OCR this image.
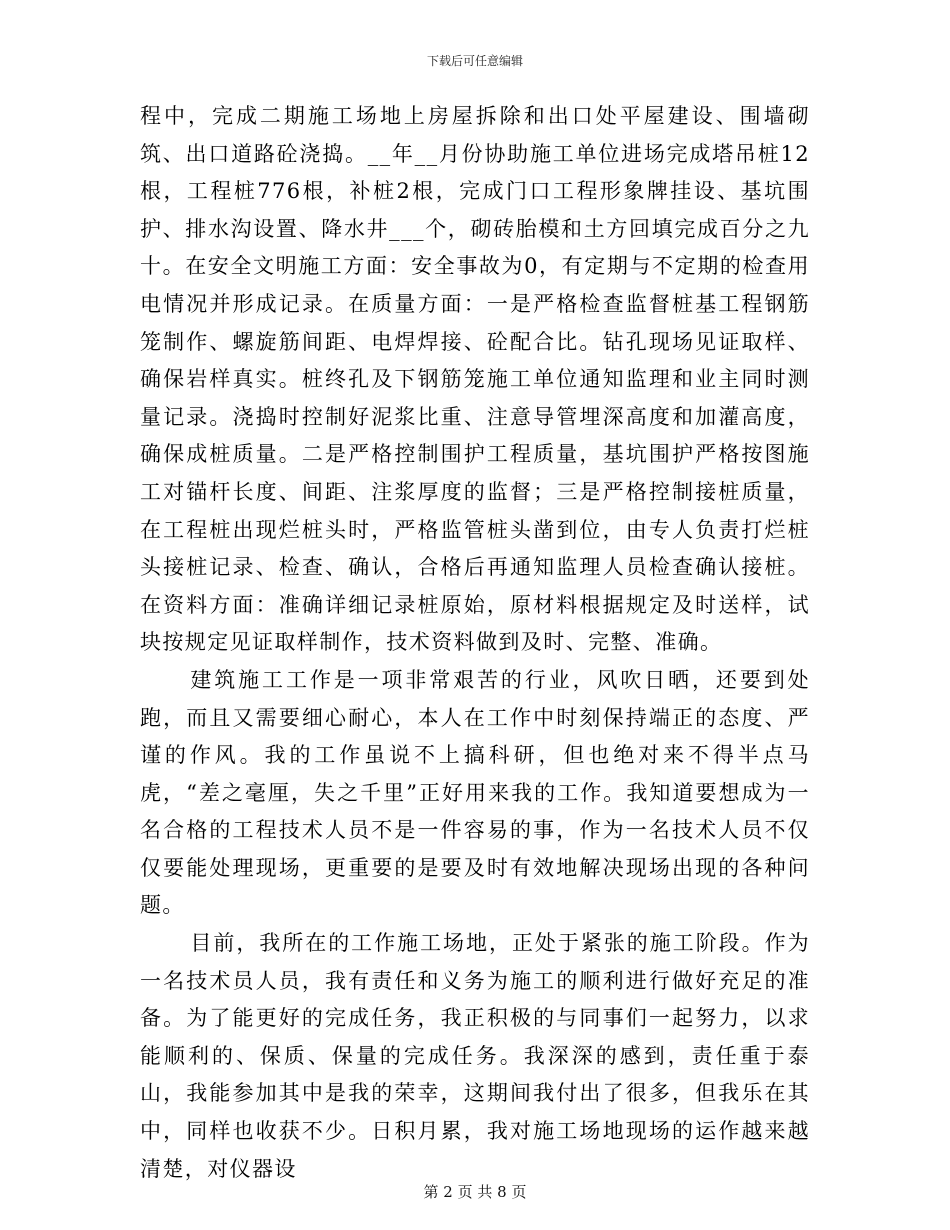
下载后可任意编辑

程中，完成二期施工场地上房屋拆除和出口处平屋建设、围墙砌筑、出口道路砼浇捣。__年__月份协助施工单位进场完成塔吊桩12根，工程桩776根，补桩2根，完成门口工程形象牌挂设、基坑围护、排水沟设置、降水井___个，砌砖胎模和土方回填完成百分之九十。在安全文明施工方面：安全事故为0，有定期与不定期的检查用电情况并形成记录。在质量方面：一是严格检查监督桩基工程钢筋笼制作、螺旋筋间距、电焊焊接、砼配合比。钻孔现场见证取样、确保岩样真实。桩终孔及下钢筋笼施工单位通知监理和业主同时测量记录。浇捣时控制好泥浆比重、注意导管埋深高度和加灌高度，确保成桩质量。二是严格控制围护工程质量，基坑围护严格按图施工对锚杆长度、间距、注浆厚度的监督；三是严格控制接桩质量，在工程桩出现烂桩头时，严格监管桩头凿到位，由专人负责打烂桩头接桩记录、检查、确认，合格后再通知监理人员检查确认接桩。在资料方面：准确详细记录桩原始，原材料根据规定及时送样，试块按规定见证取样制作，技术资料做到及时、完整、准确。

建筑施工工作是一项非常艰苦的行业，风吹日晒，还要到处跑，而且又需要细心耐心，本人在工作中时刻保持端正的态度、严谨的作风。我的工作虽说不上搞科研，但也绝对来不得半点马虎，“差之毫厘，失之千里”正好用来我的工作。我知道要想成为一名合格的工程技术人员不是一件容易的事，作为一名技术人员不仅仅要能处理现场，更重要的是要及时有效地解决现场出现的各种问题。

目前，我所在的工作施工场地，正处于紧张的施工阶段。作为一名技术员人员，我有责任和义务为施工的顺利进行做好充足的准备。为了能更好的完成任务，我正积极的与同事们一起努力，以求能顺利的、保质、保量的完成任务。我深深的感到，责任重于泰山，我能参加其中是我的荣幸，这期间我付出了很多，但我乐在其中，同样也收获不少。日积月累，我对施工场地现场的运作越来越清楚，对仪器设

第 2 页 共 8 页
